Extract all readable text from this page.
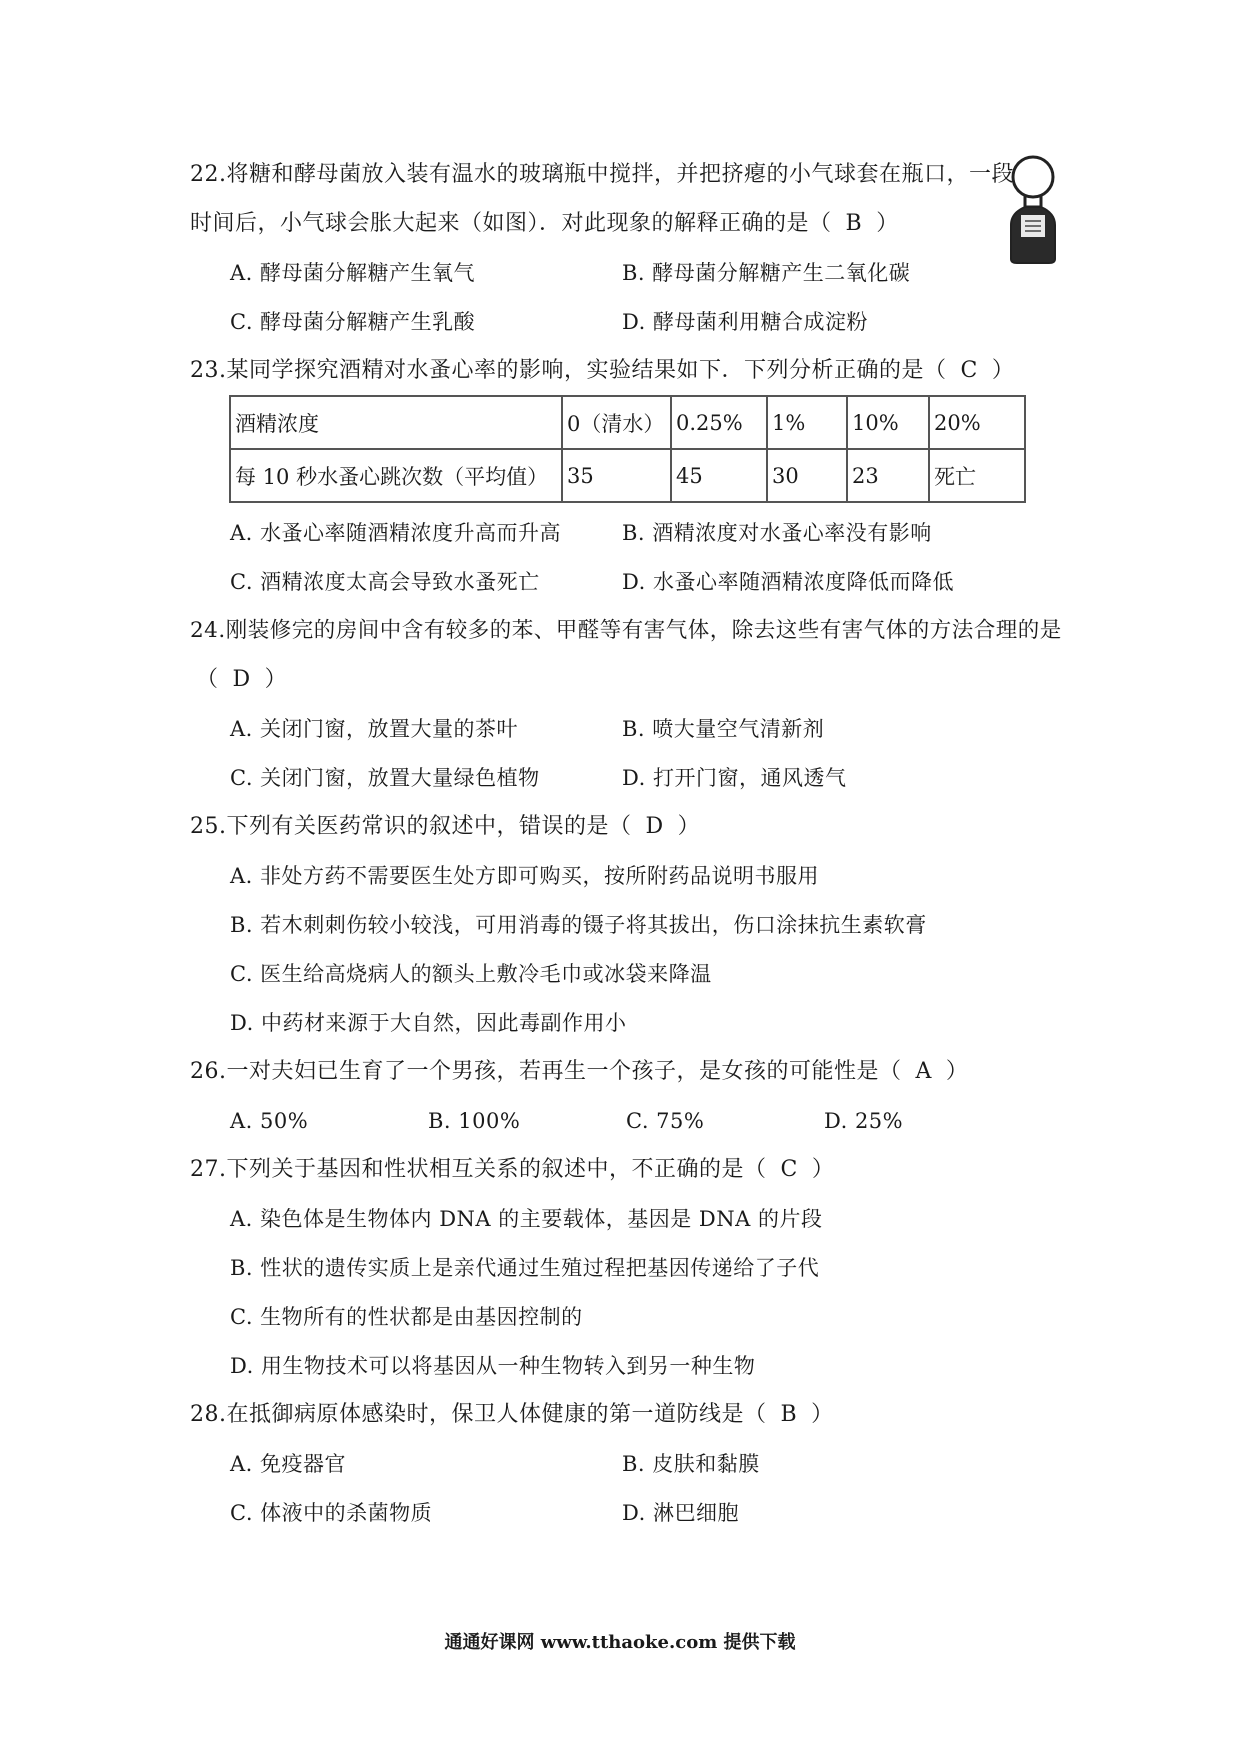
22.将糖和酵母菌放入装有温水的玻璃瓶中搅拌，并把挤瘪的小气球套在瓶口，一段
时间后，小气球会胀大起来（如图）．对此现象的解释正确的是（ B ）
A. 酵母菌分解糖产生氧气	B. 酵母菌分解糖产生二氧化碳
C. 酵母菌分解糖产生乳酸	D. 酵母菌利用糖合成淀粉
23.某同学探究酒精对水蚤心率的影响，实验结果如下．下列分析正确的是（ C ）
酒精浓度	0（清水）	0.25%	1%	10%	20%
每 10 秒水蚤心跳次数（平均值）	35	45	30	23	死亡
A. 水蚤心率随酒精浓度升高而升高	B. 酒精浓度对水蚤心率没有影响
C. 酒精浓度太高会导致水蚤死亡	D. 水蚤心率随酒精浓度降低而降低
24.刚装修完的房间中含有较多的苯、甲醛等有害气体，除去这些有害气体的方法合理的是
（ D ）
A. 关闭门窗，放置大量的茶叶	B. 喷大量空气清新剂
C. 关闭门窗，放置大量绿色植物	D. 打开门窗，通风透气
25.下列有关医药常识的叙述中，错误的是（ D ）
A. 非处方药不需要医生处方即可购买，按所附药品说明书服用
B. 若木刺刺伤较小较浅，可用消毒的镊子将其拔出，伤口涂抹抗生素软膏
C. 医生给高烧病人的额头上敷冷毛巾或冰袋来降温
D. 中药材来源于大自然，因此毒副作用小
26.一对夫妇已生育了一个男孩，若再生一个孩子，是女孩的可能性是（ A ）
A. 50%	B. 100%	C. 75%	D. 25%
27.下列关于基因和性状相互关系的叙述中，不正确的是（ C ）
A. 染色体是生物体内 DNA 的主要载体，基因是 DNA 的片段
B. 性状的遗传实质上是亲代通过生殖过程把基因传递给了子代
C. 生物所有的性状都是由基因控制的
D. 用生物技术可以将基因从一种生物转入到另一种生物
28.在抵御病原体感染时，保卫人体健康的第一道防线是（ B ）
A. 免疫器官	B. 皮肤和黏膜
C. 体液中的杀菌物质	D. 淋巴细胞
通通好课网 www.tthaoke.com 提供下载
